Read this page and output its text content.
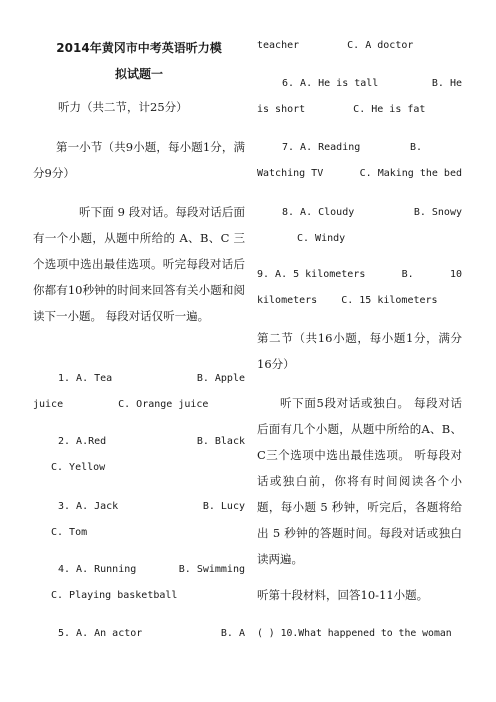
2014年黄冈市中考英语听力模
拟试题一
听力（共二节，计25分）
第一小节（共9小题，每小题1分，满分9分）
听下面 9 段对话。每段对话后面有一个小题，从题中所给的 A、B、C 三个选项中选出最佳选项。听完每段对话后你都有10秒钟的时间来回答有关小题和阅读下一小题。 每段对话仅听一遍。
1. A. Tea	B. Apple
juice	C. Orange juice
2. A.Red	B. Black
C. Yellow
3. A. Jack	B. Lucy
C. Tom
4. A. Running	B. Swimming
C. Playing basketball
5. A. An actor	B. A
teacher	C. A doctor
6. A. He is tall	B. He
is short	C. He is fat
7. A. Reading	B.
Watching TV	C. Making the bed
8. A. Cloudy	B. Snowy
C. Windy
9. A. 5 kilometers	B.	10
kilometers C. 15 kilometers
第二节（共16小题，每小题1分，满分16分）
听下面5段对话或独白。 每段对话后面有几个小题，从题中所给的A、B、C三个选项中选出最佳选项。 听每段对话或独白前，你将有时间阅读各个小题，每小题 5 秒钟，听完后，各题将给出 5 秒钟的答题时间。每段对话或独白读两遍。
听第十段材料，回答10-11小题。
( ) 10.What happened to the woman
